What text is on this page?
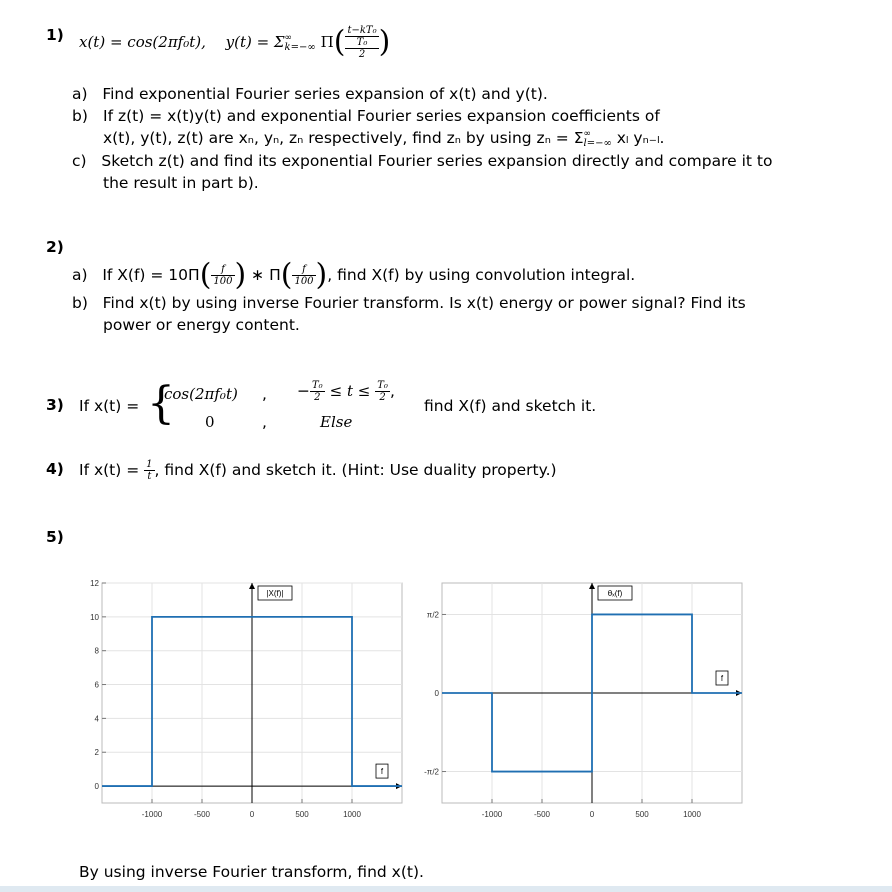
1) x(t) = cos(2πf₀t), y(t) = Σ ∞
k=−∞ Π( t−kT₀
T₀
2 )
a) Find exponential Fourier series expansion of x(t) and y(t).
b) If z(t) = x(t)y(t) and exponential Fourier series expansion coefficients of
x(t), y(t), z(t) are xₙ, yₙ, zₙ respectively, find zₙ by using zₙ = Σ ∞
l=−∞ xₗ yₙ₋ₗ.
c) Sketch z(t) and find its exponential Fourier series expansion directly and compare it to
the result in part b).
2)
a) If $X(f) = 10\Pi( \frac{f}{100}$ ) ∗ $\Pi( \frac{f}{100}$ ), find X(f) by using convolution integral.
b) Find x(t) by using inverse Fourier transform. Is x(t) energy or power signal? Find its
power or energy content.
3) If x(t) = {
cos(2πf₀t) , − $\frac{\text{T₀}}{2} \le t \le \frac{\text{T₀}}{2}$ ,
0	,	Else
find X(f) and sketch it.
4) If $x(t) = \frac{1}{t}$ , find X(f) and sketch it. (Hint: Use duality property.)
5)
-1000	-500	0	500	1000
0
2
4
6
8
10
12
|X(f)|
f
-1000	-500	0	500	1000
-π/2
0
π/2
θₓ(f)
f
By using inverse Fourier transform, find x(t).
